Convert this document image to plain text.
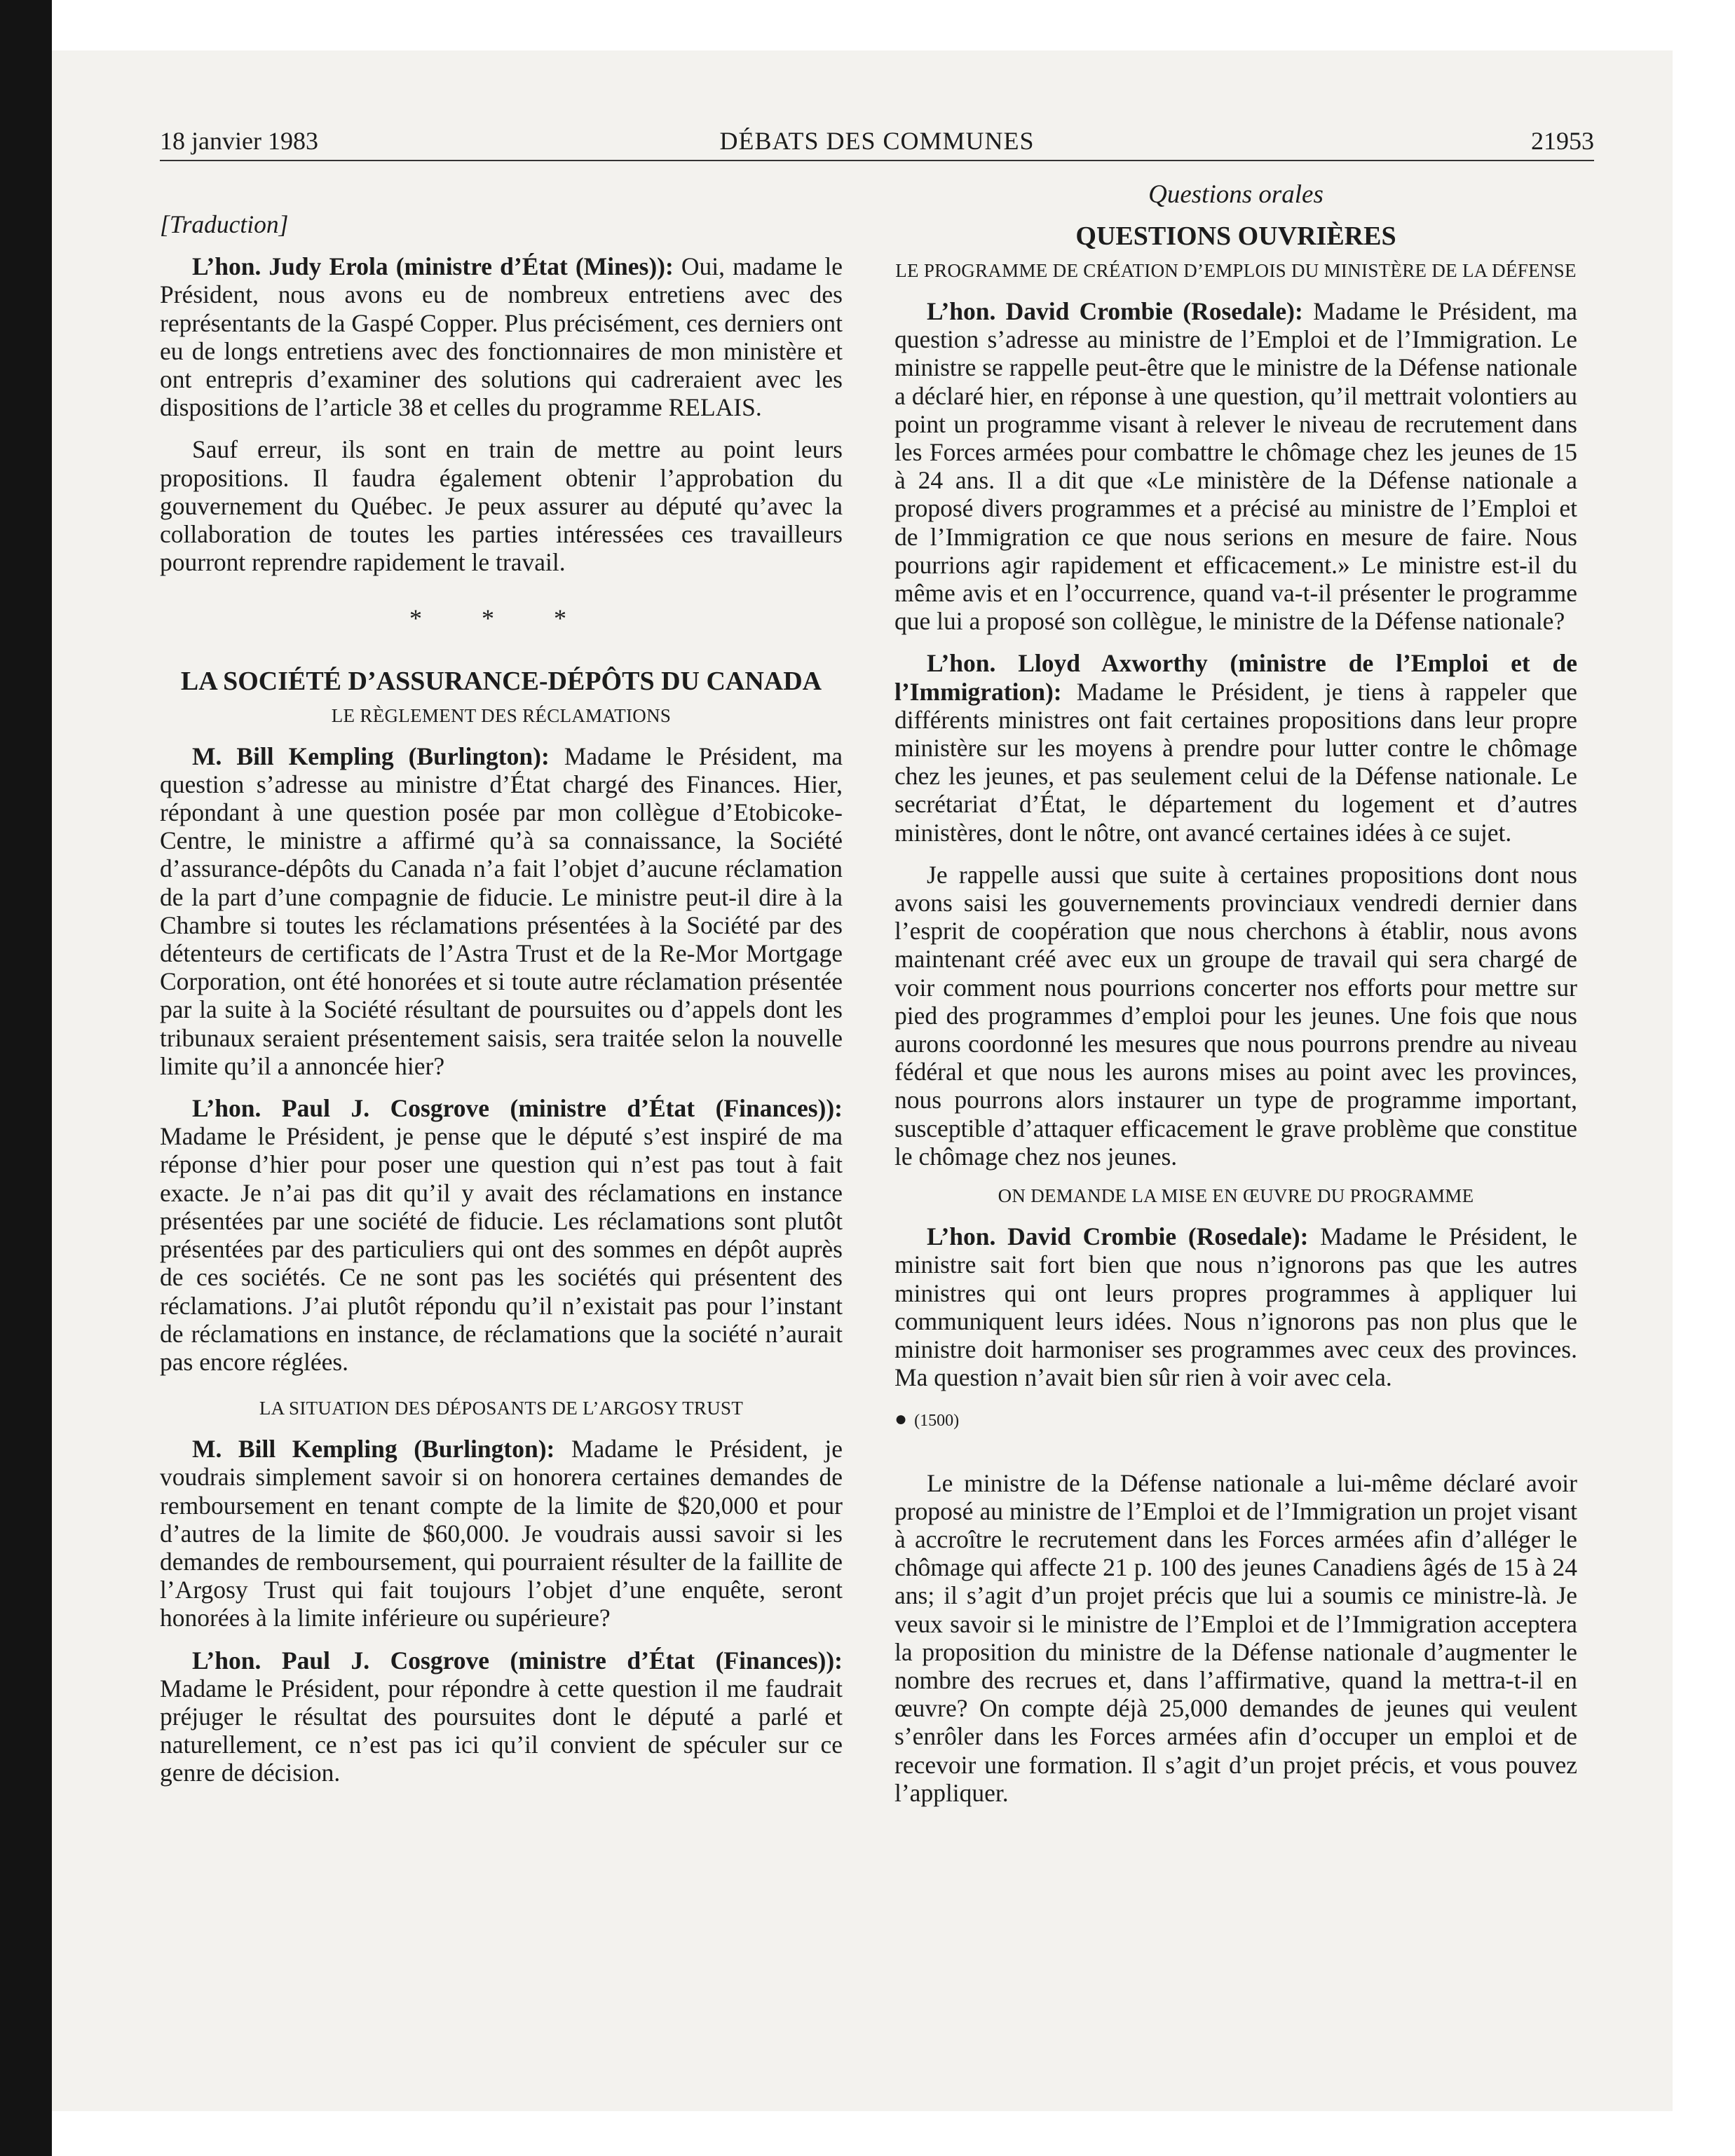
18 janvier 1983	DÉBATS DES COMMUNES	21953

[Traduction]

L’hon. Judy Erola (ministre d’État (Mines)): Oui, madame le Président, nous avons eu de nombreux entretiens avec des représentants de la Gaspé Copper. Plus précisément, ces derniers ont eu de longs entretiens avec des fonctionnaires de mon ministère et ont entrepris d’examiner des solutions qui cadreraient avec les dispositions de l’article 38 et celles du programme RELAIS.

Sauf erreur, ils sont en train de mettre au point leurs propositions. Il faudra également obtenir l’approbation du gouvernement du Québec. Je peux assurer au député qu’avec la collaboration de toutes les parties intéressées ces travailleurs pourront reprendre rapidement le travail.

* * *
LA SOCIÉTÉ D’ASSURANCE-DÉPÔTS DU CANADA
LE RÈGLEMENT DES RÉCLAMATIONS

M. Bill Kempling (Burlington): Madame le Président, ma question s’adresse au ministre d’État chargé des Finances. Hier, répondant à une question posée par mon collègue d’Etobicoke-Centre, le ministre a affirmé qu’à sa connaissance, la Société d’assurance-dépôts du Canada n’a fait l’objet d’aucune réclamation de la part d’une compagnie de fiducie. Le ministre peut-il dire à la Chambre si toutes les réclamations présentées à la Société par des détenteurs de certificats de l’Astra Trust et de la Re-Mor Mortgage Corporation, ont été honorées et si toute autre réclamation présentée par la suite à la Société résultant de poursuites ou d’appels dont les tribunaux seraient présentement saisis, sera traitée selon la nouvelle limite qu’il a annoncée hier?

L’hon. Paul J. Cosgrove (ministre d’État (Finances)): Madame le Président, je pense que le député s’est inspiré de ma réponse d’hier pour poser une question qui n’est pas tout à fait exacte. Je n’ai pas dit qu’il y avait des réclamations en instance présentées par une société de fiducie. Les réclamations sont plutôt présentées par des particuliers qui ont des sommes en dépôt auprès de ces sociétés. Ce ne sont pas les sociétés qui présentent des réclamations. J’ai plutôt répondu qu’il n’existait pas pour l’instant de réclamations en instance, de réclamations que la société n’aurait pas encore réglées.

LA SITUATION DES DÉPOSANTS DE L’ARGOSY TRUST

M. Bill Kempling (Burlington): Madame le Président, je voudrais simplement savoir si on honorera certaines demandes de remboursement en tenant compte de la limite de $20,000 et pour d’autres de la limite de $60,000. Je voudrais aussi savoir si les demandes de remboursement, qui pourraient résulter de la faillite de l’Argosy Trust qui fait toujours l’objet d’une enquête, seront honorées à la limite inférieure ou supérieure?

L’hon. Paul J. Cosgrove (ministre d’État (Finances)): Madame le Président, pour répondre à cette question il me faudrait préjuger le résultat des poursuites dont le député a parlé et naturellement, ce n’est pas ici qu’il convient de spéculer sur ce genre de décision.

Questions orales
QUESTIONS OUVRIÈRES
LE PROGRAMME DE CRÉATION D’EMPLOIS DU MINISTÈRE DE LA DÉFENSE

L’hon. David Crombie (Rosedale): Madame le Président, ma question s’adresse au ministre de l’Emploi et de l’Immigration. Le ministre se rappelle peut-être que le ministre de la Défense nationale a déclaré hier, en réponse à une question, qu’il mettrait volontiers au point un programme visant à relever le niveau de recrutement dans les Forces armées pour combattre le chômage chez les jeunes de 15 à 24 ans. Il a dit que «Le ministère de la Défense nationale a proposé divers programmes et a précisé au ministre de l’Emploi et de l’Immigration ce que nous serions en mesure de faire. Nous pourrions agir rapidement et efficacement.» Le ministre est-il du même avis et en l’occurrence, quand va-t-il présenter le programme que lui a proposé son collègue, le ministre de la Défense nationale?

L’hon. Lloyd Axworthy (ministre de l’Emploi et de l’Immigration): Madame le Président, je tiens à rappeler que différents ministres ont fait certaines propositions dans leur propre ministère sur les moyens à prendre pour lutter contre le chômage chez les jeunes, et pas seulement celui de la Défense nationale. Le secrétariat d’État, le département du logement et d’autres ministères, dont le nôtre, ont avancé certaines idées à ce sujet.

Je rappelle aussi que suite à certaines propositions dont nous avons saisi les gouvernements provinciaux vendredi dernier dans l’esprit de coopération que nous cherchons à établir, nous avons maintenant créé avec eux un groupe de travail qui sera chargé de voir comment nous pourrions concerter nos efforts pour mettre sur pied des programmes d’emploi pour les jeunes. Une fois que nous aurons coordonné les mesures que nous pourrons prendre au niveau fédéral et que nous les aurons mises au point avec les provinces, nous pourrons alors instaurer un type de programme important, susceptible d’attaquer efficacement le grave problème que constitue le chômage chez nos jeunes.

ON DEMANDE LA MISE EN ŒUVRE DU PROGRAMME

L’hon. David Crombie (Rosedale): Madame le Président, le ministre sait fort bien que nous n’ignorons pas que les autres ministres qui ont leurs propres programmes à appliquer lui communiquent leurs idées. Nous n’ignorons pas non plus que le ministre doit harmoniser ses programmes avec ceux des provinces. Ma question n’avait bien sûr rien à voir avec cela.

● (1500)

Le ministre de la Défense nationale a lui-même déclaré avoir proposé au ministre de l’Emploi et de l’Immigration un projet visant à accroître le recrutement dans les Forces armées afin d’alléger le chômage qui affecte 21 p. 100 des jeunes Canadiens âgés de 15 à 24 ans; il s’agit d’un projet précis que lui a soumis ce ministre-là. Je veux savoir si le ministre de l’Emploi et de l’Immigration acceptera la proposition du ministre de la Défense nationale d’augmenter le nombre des recrues et, dans l’affirmative, quand la mettra-t-il en œuvre? On compte déjà 25,000 demandes de jeunes qui veulent s’enrôler dans les Forces armées afin d’occuper un emploi et de recevoir une formation. Il s’agit d’un projet précis, et vous pouvez l’appliquer.
